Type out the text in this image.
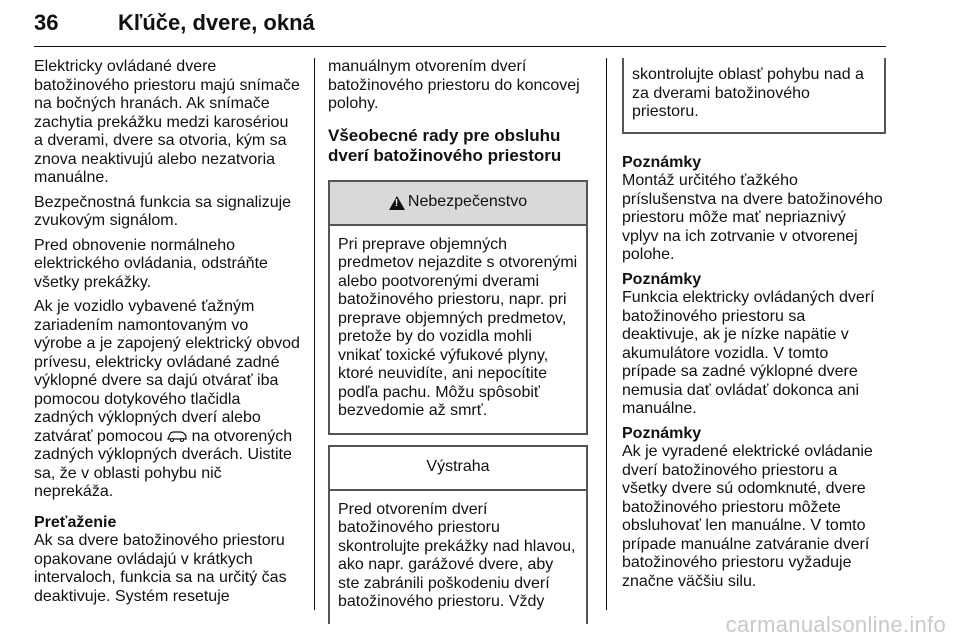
36	Kľúče, dvere, okná

Elektricky ovládané dvere batožinového priestoru majú snímače na bočných hranách. Ak snímače zachytia prekážku medzi karosériou a dverami, dvere sa otvoria, kým sa znova neaktivujú alebo nezatvoria manuálne.

Bezpečnostná funkcia sa signalizuje zvukovým signálom.

Pred obnovenie normálneho elektrického ovládania, odstráňte všetky prekážky.

Ak je vozidlo vybavené ťažným zariadením namontovaným vo výrobe a je zapojený elektrický obvod prívesu, elektricky ovládané zadné výklopné dvere sa dajú otvárať iba pomocou dotykového tlačidla zadných výklopných dverí alebo zatvárať pomocou na otvorených zadných výklopných dverách. Uistite sa, že v oblasti pohybu nič neprekáža.

Preťaženie
Ak sa dvere batožinového priestoru opakovane ovládajú v krátkych intervaloch, funkcia sa na určitý čas deaktivuje. Systém resetuje

manuálnym otvorením dverí batožinového priestoru do koncovej polohy.

Všeobecné rady pre obsluhu dverí batožinového priestoru
!
Nebezpečenstvo
Pri preprave objemných predmetov nejazdite s otvorenými alebo pootvorenými dverami batožinového priestoru, napr. pri preprave objemných predmetov, pretože by do vozidla mohli vnikať toxické výfukové plyny, ktoré neuvidíte, ani nepocítite podľa pachu. Môžu spôsobiť bezvedomie až smrť.
Výstraha
Pred otvorením dverí batožinového priestoru skontrolujte prekážky nad hlavou, ako napr. garážové dvere, aby ste zabránili poškodeniu dverí batožinového priestoru. Vždy
skontrolujte oblasť pohybu nad a za dverami batožinového priestoru.

Poznámky
Montáž určitého ťažkého príslušenstva na dvere batožinového priestoru môže mať nepriaznivý vplyv na ich zotrvanie v otvorenej polohe.

Poznámky
Funkcia elektricky ovládaných dverí batožinového priestoru sa deaktivuje, ak je nízke napätie v akumulátore vozidla. V tomto prípade sa zadné výklopné dvere nemusia dať ovládať dokonca ani manuálne.

Poznámky
Ak je vyradené elektrické ovládanie dverí batožinového priestoru a všetky dvere sú odomknuté, dvere batožinového priestoru môžete obsluhovať len manuálne. V tomto prípade manuálne zatváranie dverí batožinového priestoru vyžaduje značne väčšiu silu.

carmanualsonline.info
